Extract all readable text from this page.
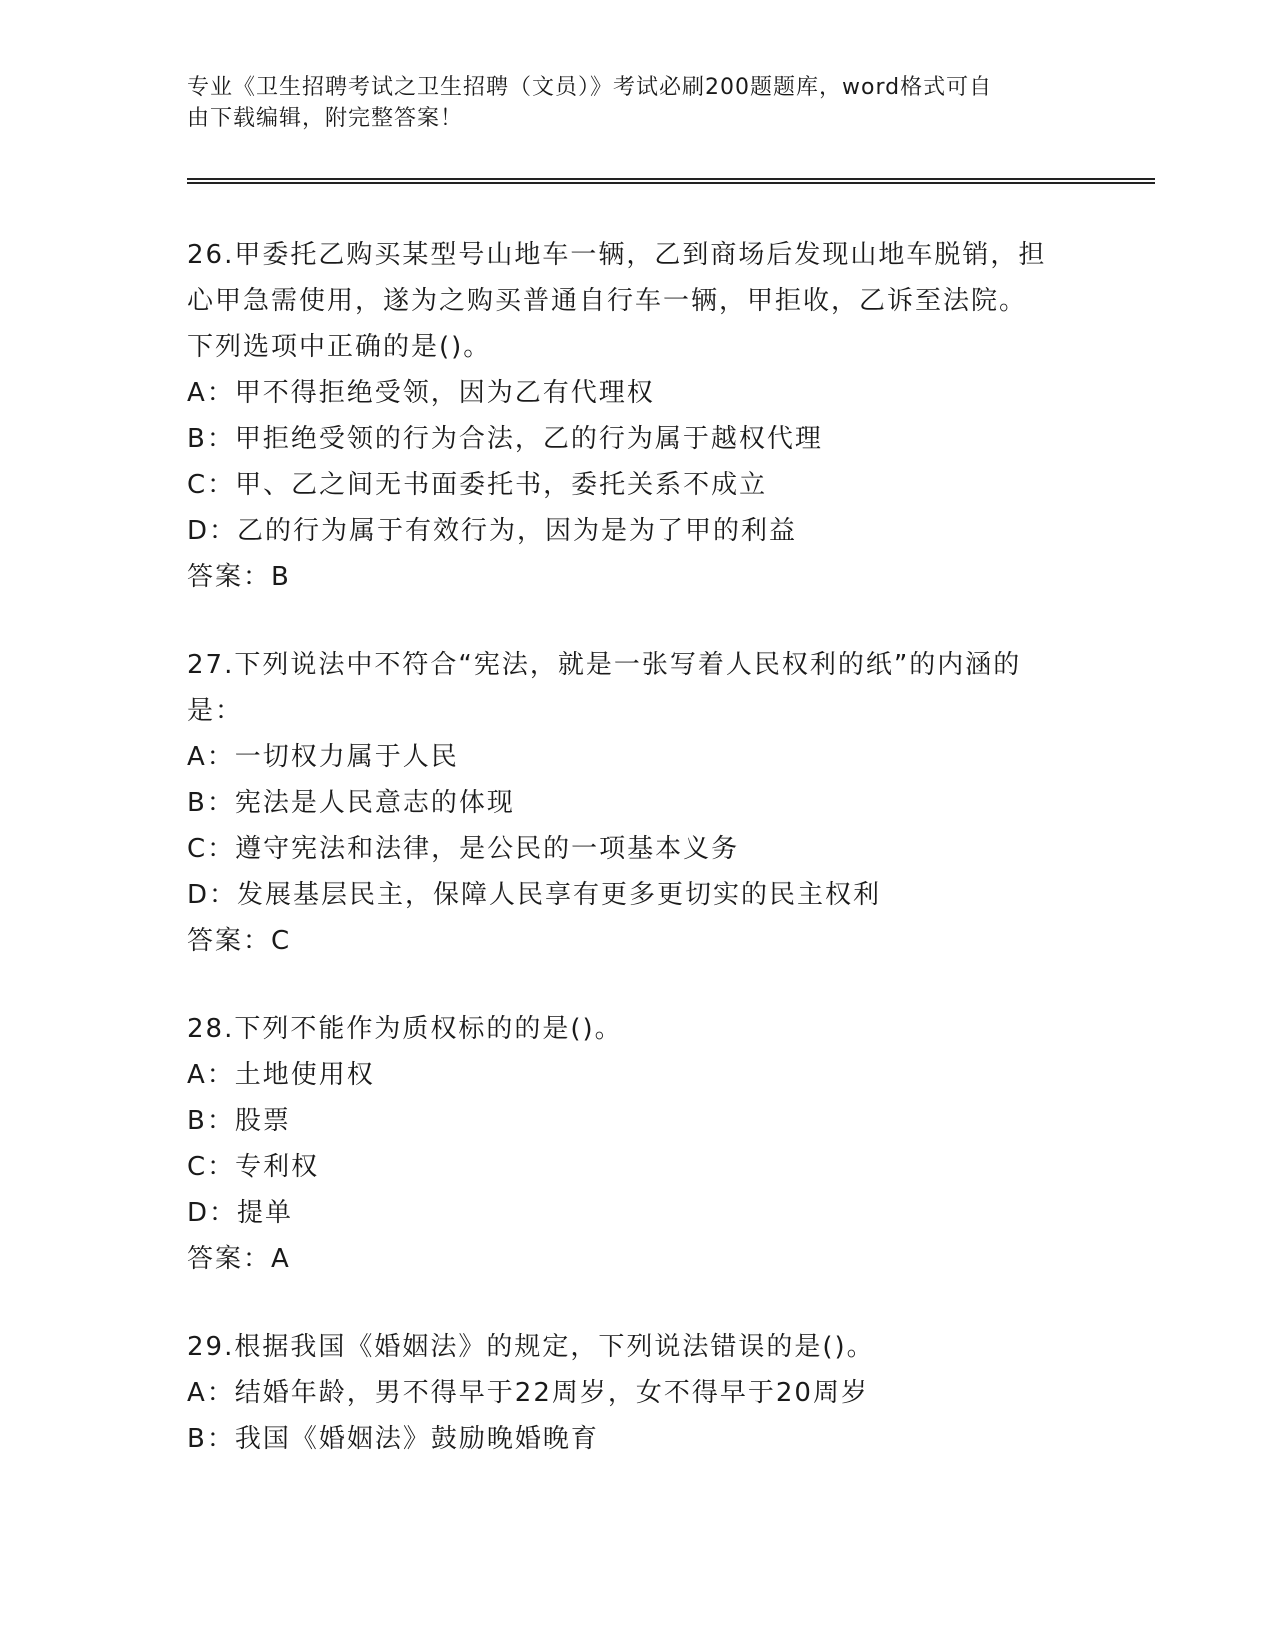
专业《卫生招聘考试之卫生招聘（文员）》考试必刷200题题库，word格式可自
由下载编辑，附完整答案！
26.甲委托乙购买某型号山地车一辆，乙到商场后发现山地车脱销，担
心甲急需使用，遂为之购买普通自行车一辆，甲拒收，乙诉至法院。
下列选项中正确的是()。
A：甲不得拒绝受领，因为乙有代理权
B：甲拒绝受领的行为合法，乙的行为属于越权代理
C：甲、乙之间无书面委托书，委托关系不成立
D：乙的行为属于有效行为，因为是为了甲的利益
答案：B
27.下列说法中不符合“宪法，就是一张写着人民权利的纸”的内涵的
是：
A：一切权力属于人民
B：宪法是人民意志的体现
C：遵守宪法和法律，是公民的一项基本义务
D：发展基层民主，保障人民享有更多更切实的民主权利
答案：C
28.下列不能作为质权标的的是()。
A：土地使用权
B：股票
C：专利权
D：提单
答案：A
29.根据我国《婚姻法》的规定，下列说法错误的是()。
A：结婚年龄，男不得早于22周岁，女不得早于20周岁
B：我国《婚姻法》鼓励晚婚晚育
